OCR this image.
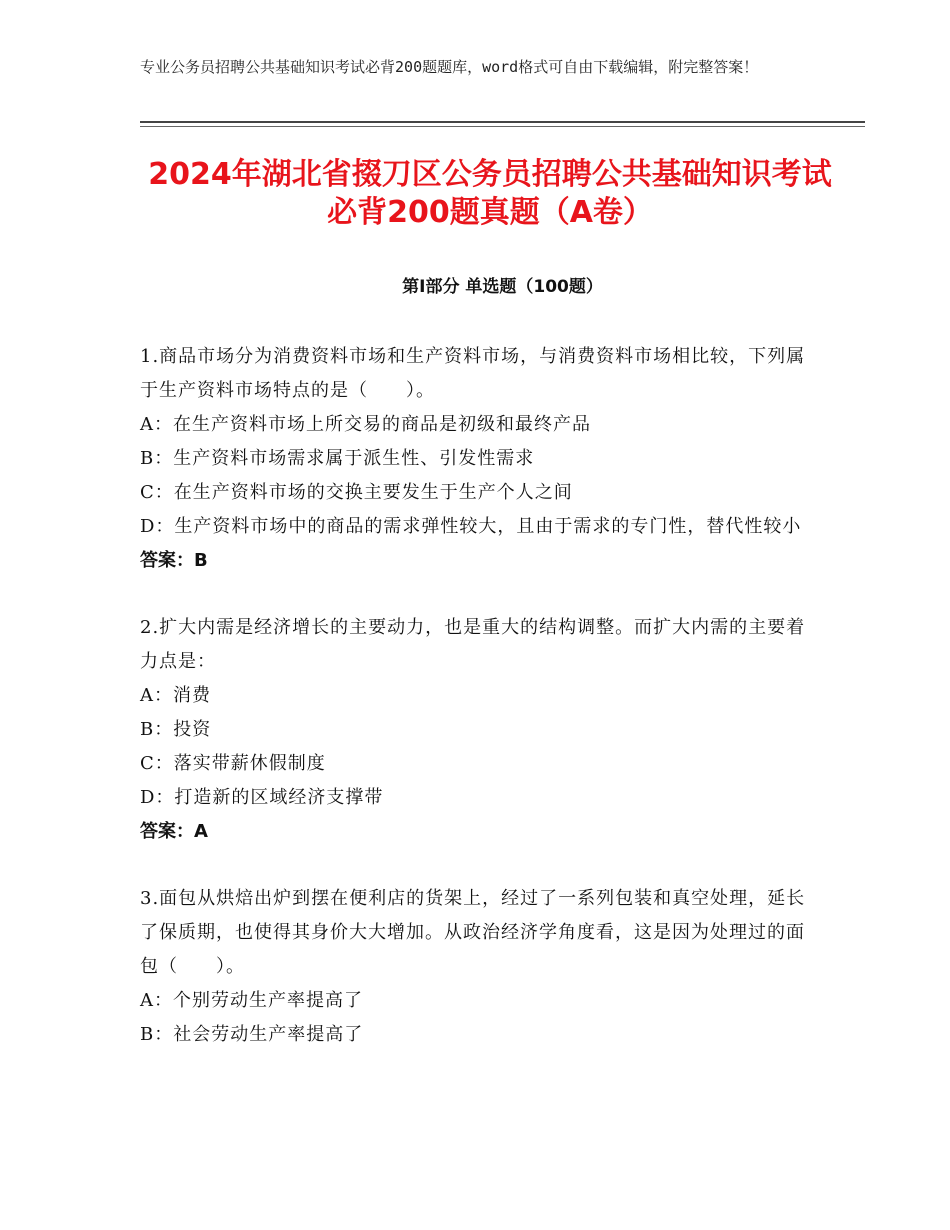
专业公务员招聘公共基础知识考试必背200题题库，word格式可自由下载编辑，附完整答案！
2024年湖北省掇刀区公务员招聘公共基础知识考试必背200题真题（A卷）
第Ⅰ部分 单选题（100题）
1.商品市场分为消费资料市场和生产资料市场，与消费资料市场相比较，下列属于生产资料市场特点的是（　　）。
A：在生产资料市场上所交易的商品是初级和最终产品
B：生产资料市场需求属于派生性、引发性需求
C：在生产资料市场的交换主要发生于生产个人之间
D：生产资料市场中的商品的需求弹性较大，且由于需求的专门性，替代性较小
答案：B
2.扩大内需是经济增长的主要动力，也是重大的结构调整。而扩大内需的主要着力点是：
A：消费
B：投资
C：落实带薪休假制度
D：打造新的区域经济支撑带
答案：A
3.面包从烘焙出炉到摆在便利店的货架上，经过了一系列包装和真空处理，延长了保质期，也使得其身价大大增加。从政治经济学角度看，这是因为处理过的面包（　　）。
A：个别劳动生产率提高了
B：社会劳动生产率提高了
